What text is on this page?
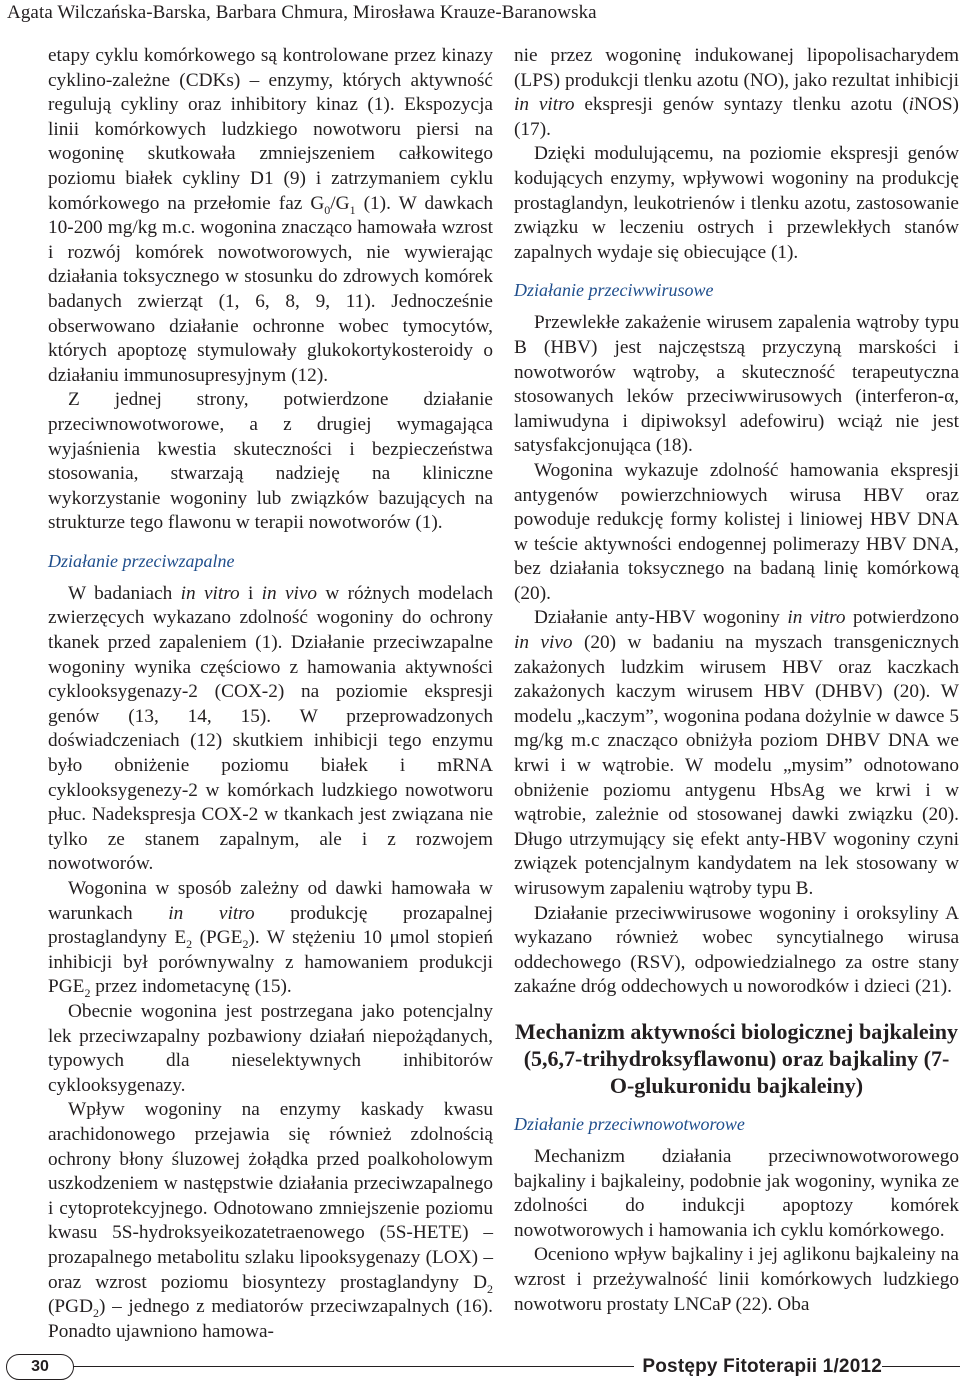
Agata Wilczańska-Barska, Barbara Chmura, Mirosława Krauze-Baranowska

etapy cyklu komórkowego są kontrolowane przez kinazy cyklino-zależne (CDKs) – enzymy, których aktywność regulują cykliny oraz inhibitory kinaz (1). Ekspozycja linii komórkowych ludzkiego nowotworu piersi na wogoninę skutkowała zmniejszeniem całkowitego poziomu białek cykliny D1 (9) i zatrzymaniem cyklu komórkowego na przełomie faz $G_0/G_1$ (1). W dawkach 10-200 mg/kg m.c. wogonina znacząco hamowała wzrost i rozwój komórek nowotworowych, nie wywierając działania toksycznego w stosunku do zdrowych komórek badanych zwierząt (1, 6, 8, 9, 11). Jednocześnie obserwowano działanie ochronne wobec tymocytów, których apoptozę stymulowały glukokortykosteroidy o działaniu immunosupresyjnym (12).

Z jednej strony, potwierdzone działanie przeciwnowotworowe, a z drugiej wymagająca wyjaśnienia kwestia skuteczności i bezpieczeństwa stosowania, stwarzają nadzieję na kliniczne wykorzystanie wogoniny lub związków bazujących na strukturze tego flawonu w terapii nowotworów (1).

Działanie przeciwzapalne

W badaniach in vitro i in vivo w różnych modelach zwierzęcych wykazano zdolność wogoniny do ochrony tkanek przed zapaleniem (1). Działanie przeciwzapalne wogoniny wynika częściowo z hamowania aktywności cyklooksygenazy-2 (COX-2) na poziomie ekspresji genów (13, 14, 15). W przeprowadzonych doświadczeniach (12) skutkiem inhibicji tego enzymu było obniżenie poziomu białek i mRNA cyklooksygenezy-2 w komórkach ludzkiego nowotworu płuc. Nadekspresja COX-2 w tkankach jest związana nie tylko ze stanem zapalnym, ale i z rozwojem nowotworów.

Wogonina w sposób zależny od dawki hamowała w warunkach in vitro produkcję prozapalnej prostaglandyny $E_2$ $(PGE_2)$. W stężeniu 10 μmol stopień inhibicji był porównywalny z hamowaniem produkcji $PGE_2$ przez indometacynę (15).

Obecnie wogonina jest postrzegana jako potencjalny lek przeciwzapalny pozbawiony działań niepożądanych, typowych dla nieselektywnych inhibitorów cyklooksygenazy.

Wpływ wogoniny na enzymy kaskady kwasu arachidonowego przejawia się również zdolnością ochrony błony śluzowej żołądka przed poalkoholowym uszkodzeniem w następstwie działania przeciwzapalnego i cytoprotekcyjnego. Odnotowano zmniejszenie poziomu kwasu 5S-hydroksyeikozatetraenowego (5S-HETE) – prozapalnego metabolitu szlaku lipooksygenazy (LOX) – oraz wzrost poziomu biosyntezy prostaglandyny $D_2$ $(PGD_2)$ – jednego z mediatorów przeciwzapalnych (16). Ponadto ujawniono hamowa-

nie przez wogoninę indukowanej lipopolisacharydem (LPS) produkcji tlenku azotu (NO), jako rezultat inhibicji in vitro ekspresji genów syntazy tlenku azotu (iNOS) (17).

Dzięki modulującemu, na poziomie ekspresji genów kodujących enzymy, wpływowi wogoniny na produkcję prostaglandyn, leukotrienów i tlenku azotu, zastosowanie związku w leczeniu ostrych i przewlekłych stanów zapalnych wydaje się obiecujące (1).

Działanie przeciwwirusowe

Przewlekłe zakażenie wirusem zapalenia wątroby typu B (HBV) jest najczęstszą przyczyną marskości i nowotworów wątroby, a skuteczność terapeutyczna stosowanych leków przeciwwirusowych (interferon-α, lamiwudyna i dipiwoksyl adefowiru) wciąż nie jest satysfakcjonująca (18).

Wogonina wykazuje zdolność hamowania ekspresji antygenów powierzchniowych wirusa HBV oraz powoduje redukcję formy kolistej i liniowej HBV DNA w teście aktywności endogennej polimerazy HBV DNA, bez działania toksycznego na badaną linię komórkową (20).

Działanie anty-HBV wogoniny in vitro potwierdzono in vivo (20) w badaniu na myszach transgenicznych zakażonych ludzkim wirusem HBV oraz kaczkach zakażonych kaczym wirusem HBV (DHBV) (20). W modelu „kaczym”, wogonina podana dożylnie w dawce 5 mg/kg m.c znacząco obniżyła poziom DHBV DNA we krwi i w wątrobie. W modelu „mysim” odnotowano obniżenie poziomu antygenu HbsAg we krwi i w wątrobie, zależnie od stosowanej dawki związku (20). Długo utrzymujący się efekt anty-HBV wogoniny czyni związek potencjalnym kandydatem na lek stosowany w wirusowym zapaleniu wątroby typu B.

Działanie przeciwwirusowe wogoniny i oroksyliny A wykazano również wobec syncytialnego wirusa oddechowego (RSV), odpowiedzialnego za ostre stany zakaźne dróg oddechowych u noworodków i dzieci (21).

Mechanizm aktywności biologicznej bajkaleiny (5,6,7-trihydroksyflawonu) oraz bajkaliny (7-O-glukuronidu bajkaleiny)
Działanie przeciwnowotworowe

Mechanizm działania przeciwnowotworowego bajkaliny i bajkaleiny, podobnie jak wogoniny, wynika ze zdolności do indukcji apoptozy komórek nowotworowych i hamowania ich cyklu komórkowego.

Oceniono wpływ bajkaliny i jej aglikonu bajkaleiny na wzrost i przeżywalność linii komórkowych ludzkiego nowotworu prostaty LNCaP (22). Oba

30	Postępy Fitoterapii 1/2012
